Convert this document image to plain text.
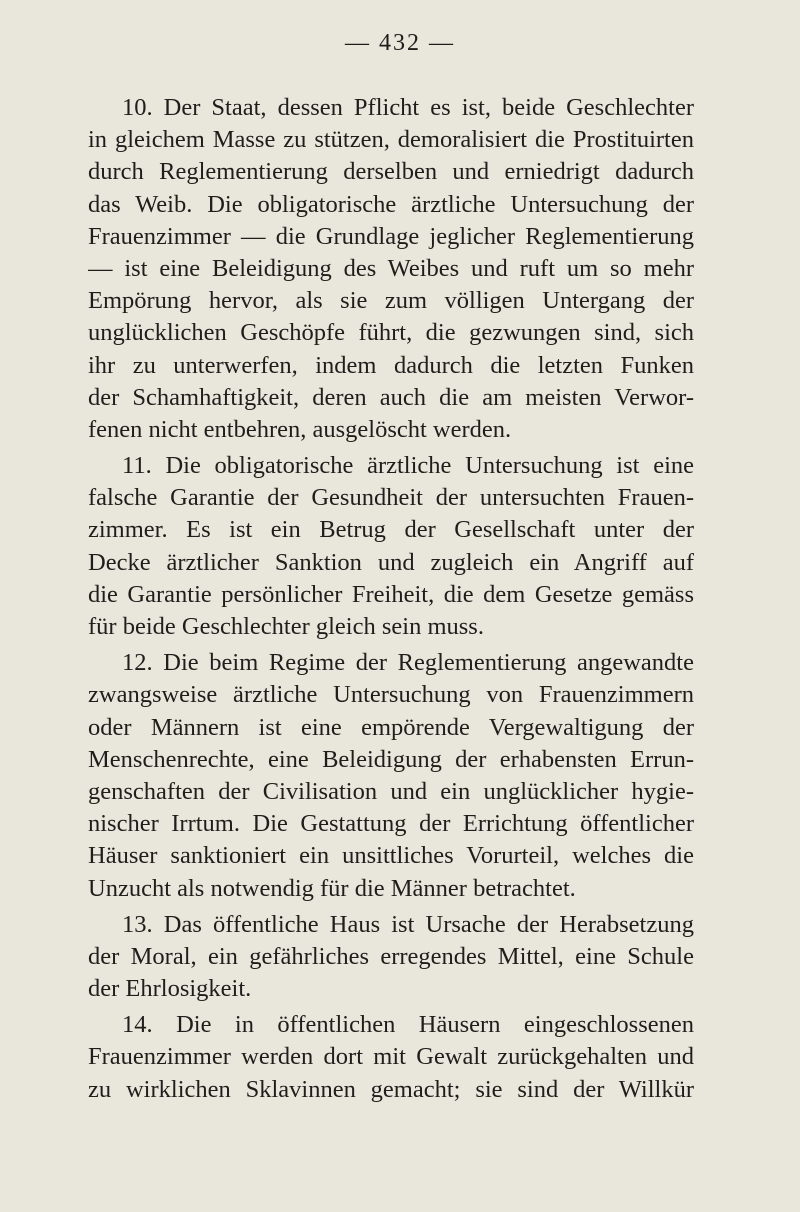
— 432 —
10. Der Staat, dessen Pflicht es ist, beide Geschlechter
in gleichem Masse zu stützen, demoralisiert die Prostituirten
durch Reglementierung derselben und erniedrigt dadurch
das Weib. Die obligatorische ärztliche Untersuchung der
Frauenzimmer — die Grundlage jeglicher Reglementierung
— ist eine Beleidigung des Weibes und ruft um so mehr
Empörung hervor, als sie zum völligen Untergang der
unglücklichen Geschöpfe führt, die gezwungen sind, sich
ihr zu unterwerfen, indem dadurch die letzten Funken
der Schamhaftigkeit, deren auch die am meisten Verwor-
fenen nicht entbehren, ausgelöscht werden.
11. Die obligatorische ärztliche Untersuchung ist eine
falsche Garantie der Gesundheit der untersuchten Frauen-
zimmer. Es ist ein Betrug der Gesellschaft unter der
Decke ärztlicher Sanktion und zugleich ein Angriff auf
die Garantie persönlicher Freiheit, die dem Gesetze gemäss
für beide Geschlechter gleich sein muss.
12. Die beim Regime der Reglementierung angewandte
zwangsweise ärztliche Untersuchung von Frauenzimmern
oder Männern ist eine empörende Vergewaltigung der
Menschenrechte, eine Beleidigung der erhabensten Errun-
genschaften der Civilisation und ein unglücklicher hygie-
nischer Irrtum. Die Gestattung der Errichtung öffentlicher
Häuser sanktioniert ein unsittliches Vorurteil, welches die
Unzucht als notwendig für die Männer betrachtet.
13. Das öffentliche Haus ist Ursache der Herabsetzung
der Moral, ein gefährliches erregendes Mittel, eine Schule
der Ehrlosigkeit.
14. Die in öffentlichen Häusern eingeschlossenen
Frauenzimmer werden dort mit Gewalt zurückgehalten und
zu wirklichen Sklavinnen gemacht; sie sind der Willkür
